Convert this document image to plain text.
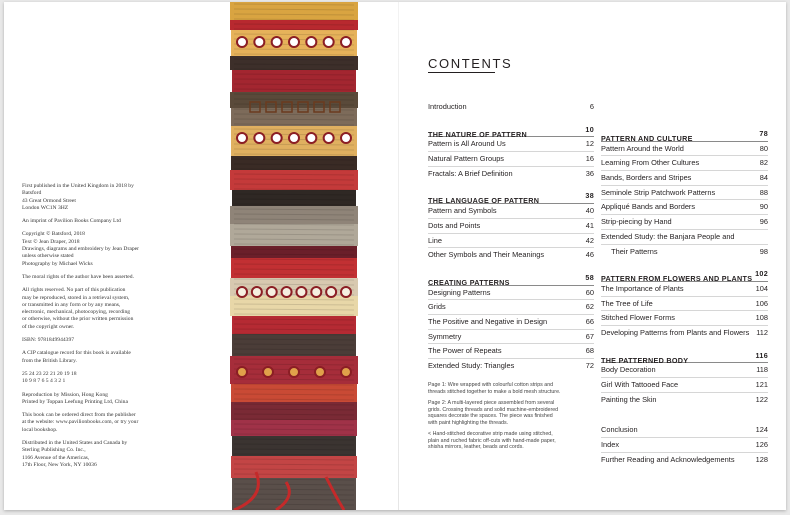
First published in the United Kingdom in 2018 by
Batsford
43 Great Ormond Street
London WC1N 3HZ

An imprint of Pavilion Books Company Ltd

Copyright © Batsford, 2018
Text © Jean Draper, 2018
Drawings, diagrams and embroidery by Jean Draper
unless otherwise stated
Photography by Michael Wicks

The moral rights of the author have been asserted.

All rights reserved. No part of this publication
may be reproduced, stored in a retrieval system,
or transmitted in any form or by any means,
electronic, mechanical, photocopying, recording
or otherwise, without the prior written permission
of the copyright owner.

ISBN: 9781849944397

A CIP catalogue record for this book is available
from the British Library.

25 24 23 22 21 20 19 18
10 9 8 7 6 5 4 3 2 1

Reproduction by Mission, Hong Kong
Printed by Toppan Leefung Printing Ltd, China

This book can be ordered direct from the publisher
at the website: www.pavilionbooks.com, or try your
local bookshop.

Distributed in the United States and Canada by
Sterling Publishing Co. Inc.,
1166 Avenue of the Americas,
17th Floor, New York, NY 10036

CONTENTS
Introduction	6
THE NATURE OF PATTERN
10
Pattern is All Around Us	12
Natural Pattern Groups	16
Fractals: A Brief Definition	36
THE LANGUAGE OF PATTERN
38
Pattern and Symbols	40
Dots and Points	41
Line	42
Other Symbols and Their Meanings	46
CREATING PATTERNS
58
Designing Patterns	60
Grids	62
The Positive and Negative in Design	66
Symmetry	67
The Power of Repeats	68
Extended Study: Triangles	72
PATTERN AND CULTURE
78
Pattern Around the World	80
Learning From Other Cultures	82
Bands, Borders and Stripes	84
Seminole Strip Patchwork Patterns	88
Appliqué Bands and Borders	90
Strip-piecing by Hand	96
Extended Study: the Banjara People and
Their Patterns	98
PATTERN FROM FLOWERS AND PLANTS
102
The Importance of Plants	104
The Tree of Life	106
Stitched Flower Forms	108
Developing Patterns from Plants and Flowers 112
THE PATTERNED BODY
116
Body Decoration	118
Girl With Tattooed Face	121
Painting the Skin	122
Conclusion	124
Index	126
Further Reading and Acknowledgements	128

Page 1: Wire wrapped with colourful cotton strips and threads stitched together to make a bold mesh structure.

Page 2: A multi-layered piece assembled from several grids. Crossing threads and solid machine-embroidered squares decorate the spaces. The piece was finished with paint highlighting the threads.

< Hand-stitched decorative strip made using stitched, plain and ruched fabric off-cuts with hand-made paper, shisha mirrors, leather, beads and cords.
